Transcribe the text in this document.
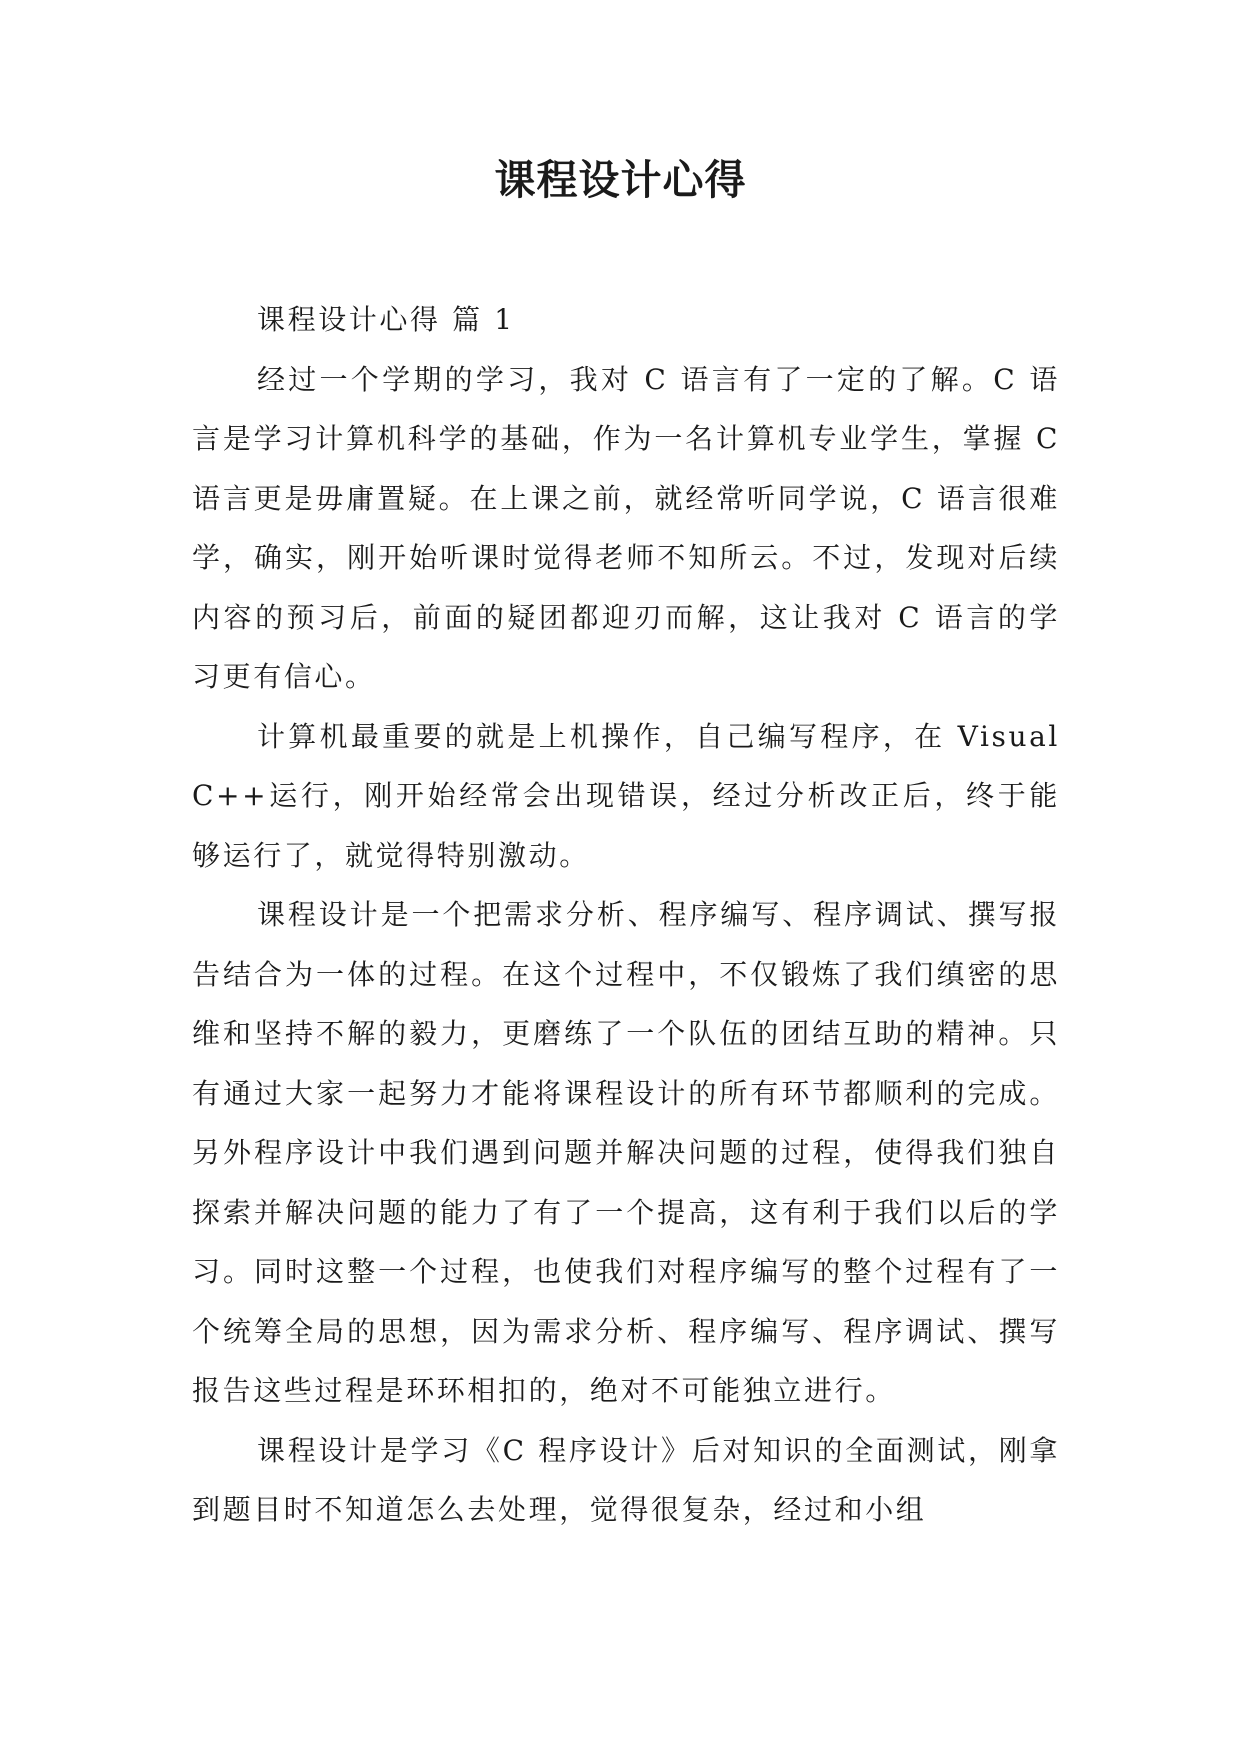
课程设计心得

课程设计心得 篇 1

经过一个学期的学习，我对 C 语言有了一定的了解。C 语言是学习计算机科学的基础，作为一名计算机专业学生，掌握 C 语言更是毋庸置疑。在上课之前，就经常听同学说，C 语言很难学，确实，刚开始听课时觉得老师不知所云。不过，发现对后续内容的预习后，前面的疑团都迎刃而解，这让我对 C 语言的学习更有信心。

计算机最重要的就是上机操作，自己编写程序，在 VisualC++运行，刚开始经常会出现错误，经过分析改正后，终于能够运行了，就觉得特别激动。

课程设计是一个把需求分析、程序编写、程序调试、撰写报告结合为一体的过程。在这个过程中，不仅锻炼了我们缜密的思维和坚持不解的毅力，更磨练了一个队伍的团结互助的精神。只有通过大家一起努力才能将课程设计的所有环节都顺利的完成。另外程序设计中我们遇到问题并解决问题的过程，使得我们独自探索并解决问题的能力了有了一个提高，这有利于我们以后的学习。同时这整一个过程，也使我们对程序编写的整个过程有了一个统筹全局的思想，因为需求分析、程序编写、程序调试、撰写报告这些过程是环环相扣的，绝对不可能独立进行。

课程设计是学习《C 程序设计》后对知识的全面测试，刚拿到题目时不知道怎么去处理，觉得很复杂，经过和小组
